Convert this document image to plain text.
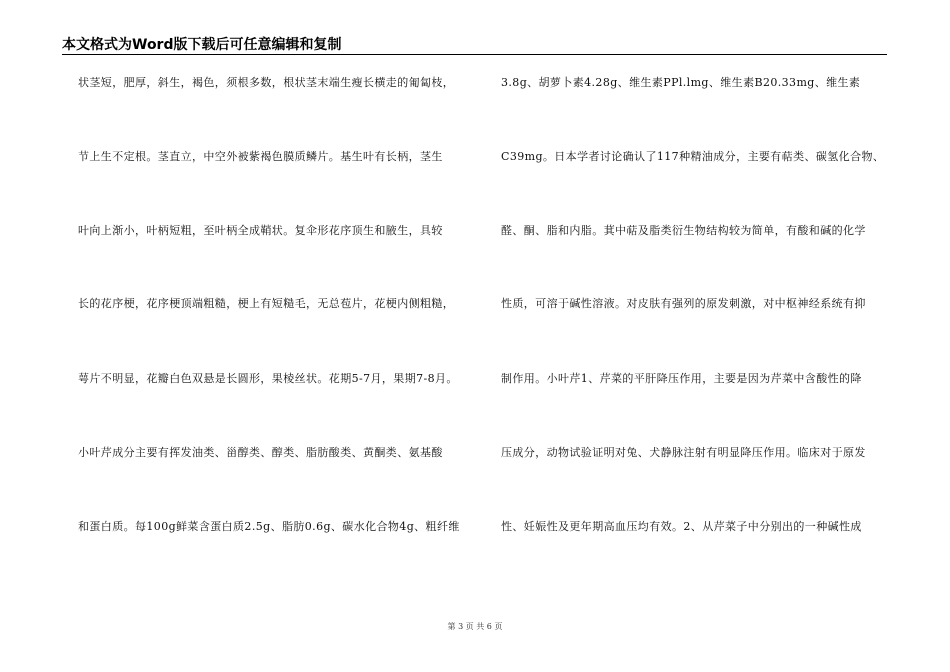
本文格式为Word版下载后可任意编辑和复制
状茎短，肥厚，斜生，褐色，须根多数，根状茎末端生瘦长横走的匍匐枝，
节上生不定根。茎直立，中空外被紫褐色膜质鳞片。基生叶有长柄，茎生
叶向上渐小，叶柄短粗，至叶柄全成鞘状。复伞形花序顶生和腋生，具较
长的花序梗，花序梗顶端粗糙，梗上有短糙毛，无总苞片，花梗内侧粗糙，
萼片不明显，花瓣白色双悬是长圆形，果棱丝状。花期5-7月，果期7-8月。
小叶芹成分主要有挥发油类、甾醇类、醇类、脂肪酸类、黄酮类、氨基酸
和蛋白质。每100g鲜菜含蛋白质2.5g、脂肪0.6g、碳水化合物4g、粗纤维
3.8g、胡萝卜素4.28g、维生素PPl.lmg、维生素B20.33mg、维生素
C39mg。日本学者讨论确认了117种精油成分，主要有萜类、碳氢化合物、
醛、酮、脂和内脂。萁中萜及脂类衍生物结构较为简单，有酸和碱的化学
性质，可溶于碱性溶液。对皮肤有强列的原发刺激，对中枢神经系统有抑
制作用。小叶芹1、芹菜的平肝降压作用，主要是因为芹菜中含酸性的降
压成分，动物试验证明对兔、犬静脉注射有明显降压作用。临床对于原发
性、妊娠性及更年期高血压均有效。2、从芹菜子中分别出的一种碱性成
第 3 页 共 6 页
